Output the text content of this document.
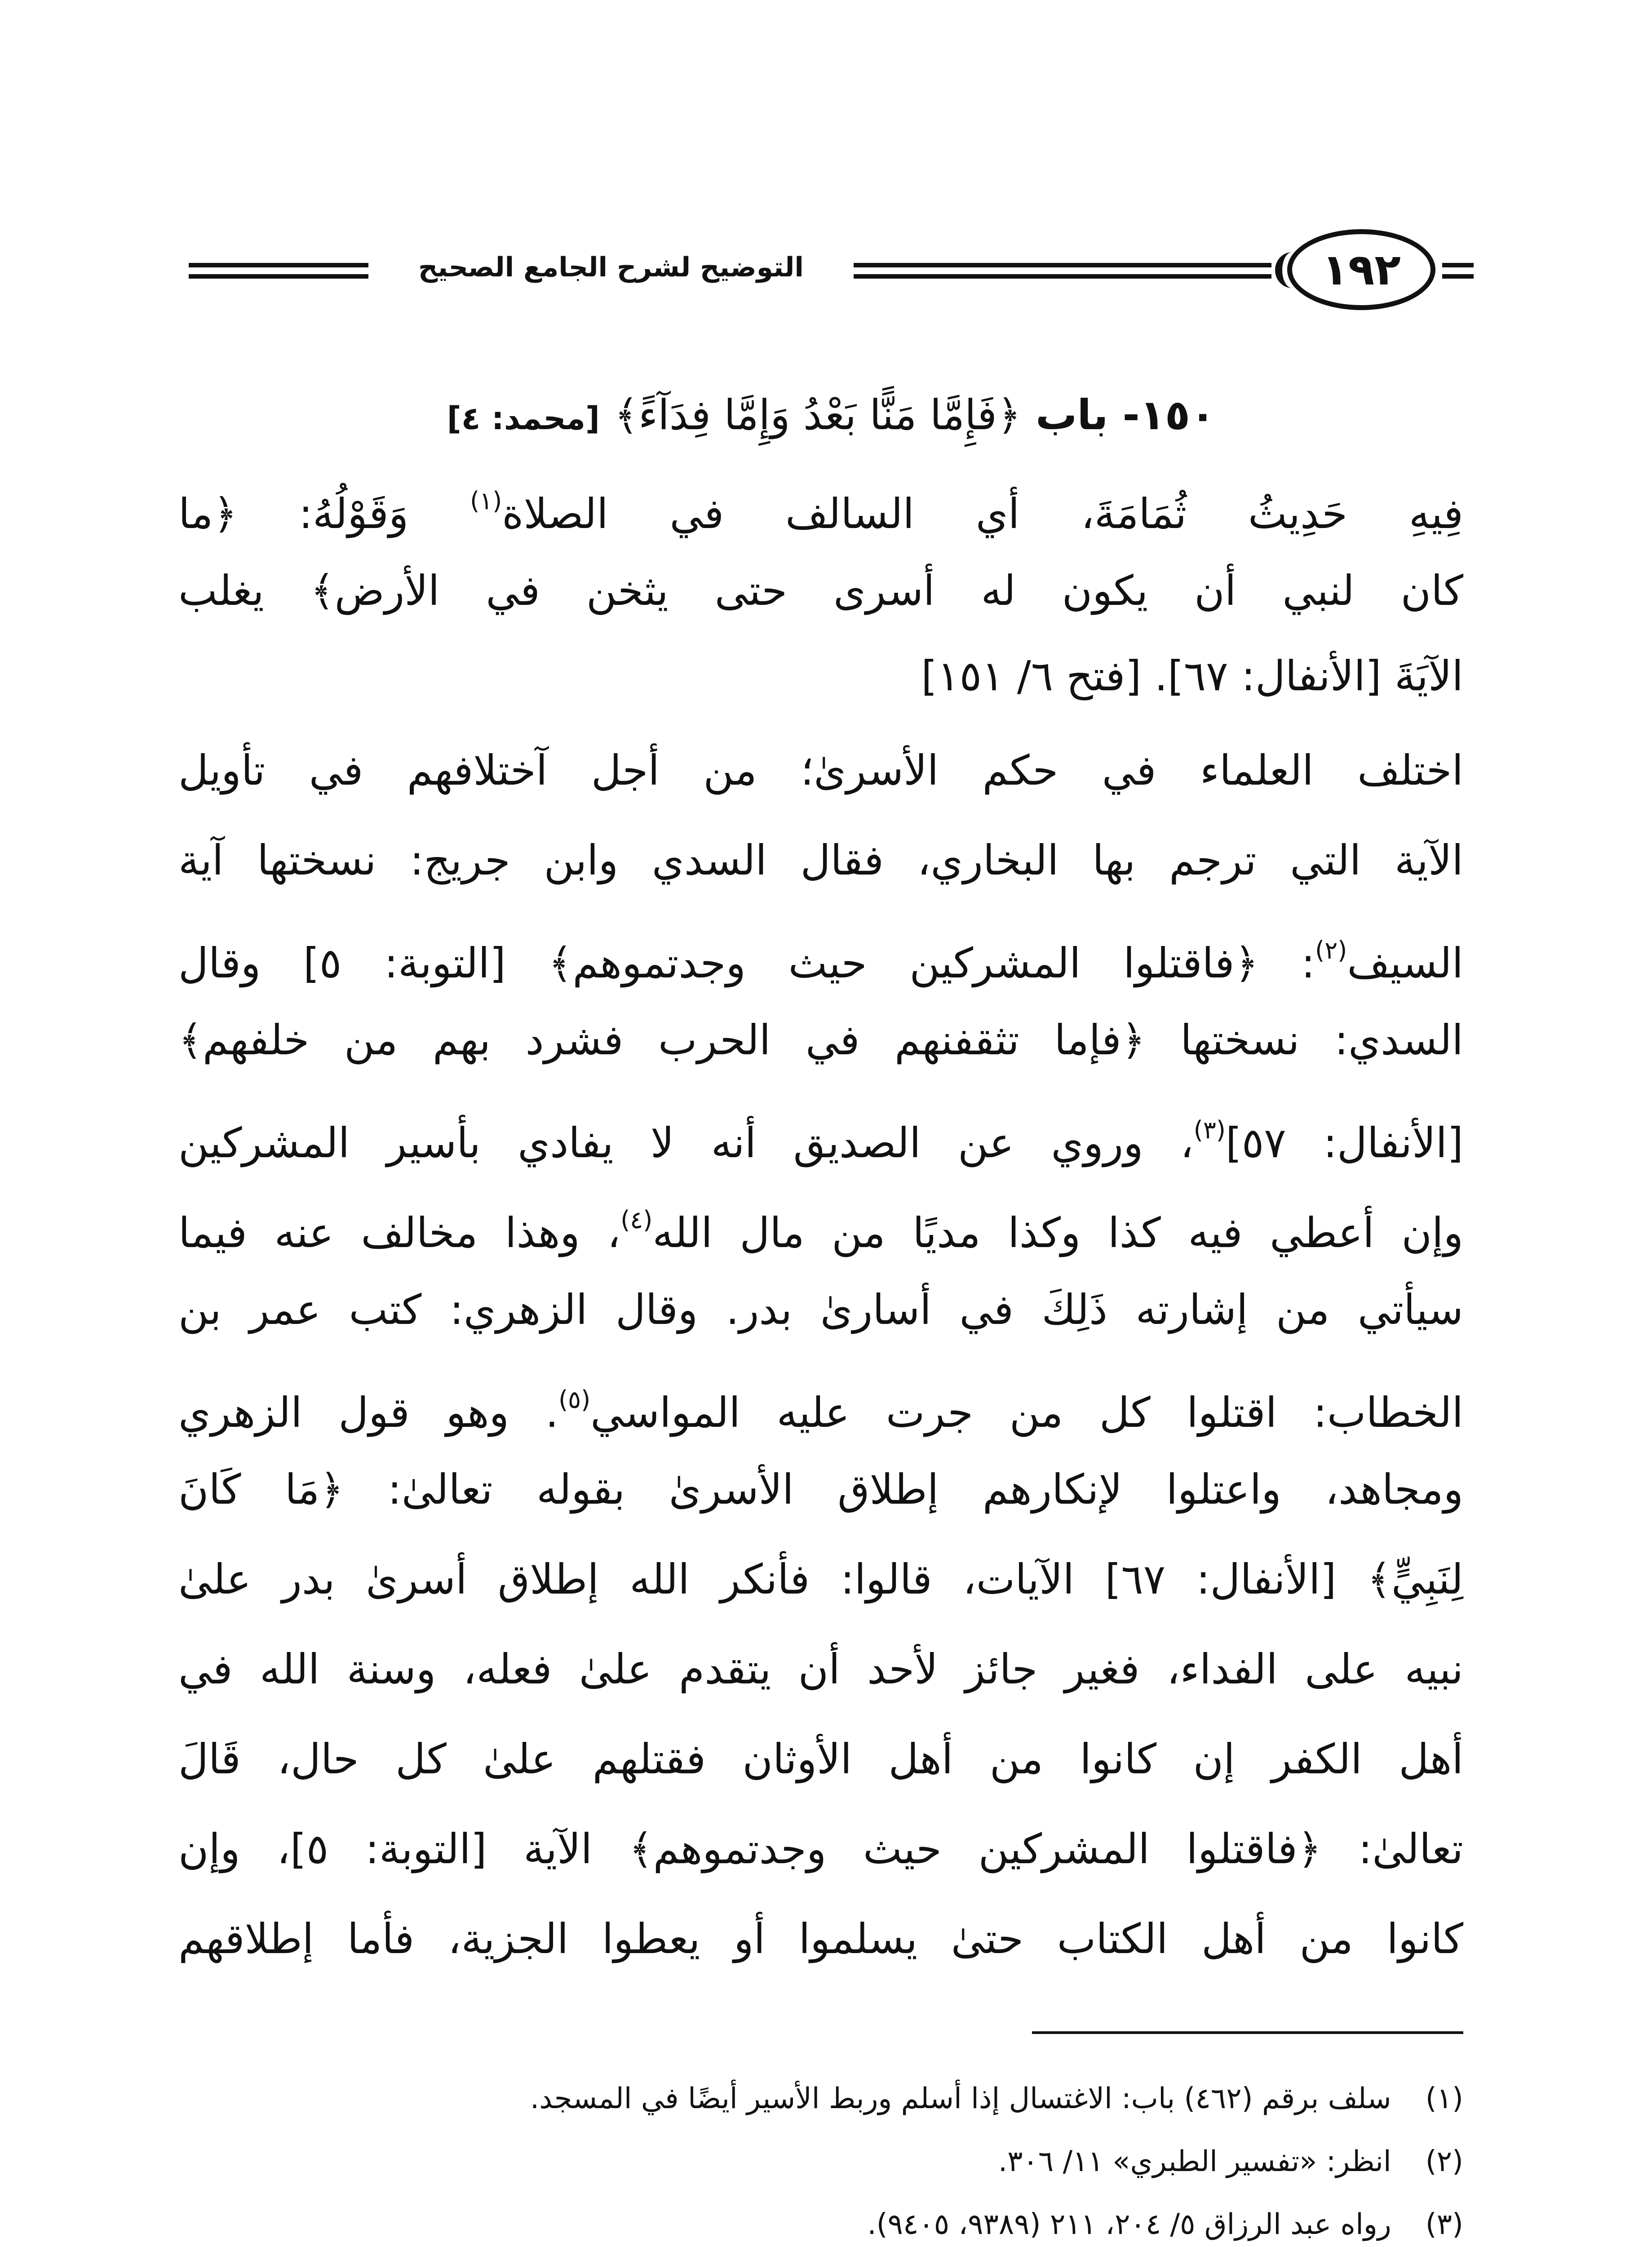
١٩٢
التوضيح لشرح الجامع الصحيح
١٥٠- باب ﴿فَإِمَّا مَنًّا بَعْدُ وَإِمَّا فِدَآءً﴾ [محمد: ٤]
فِيهِ حَدِيثُ ثُمَامَةَ، أي السالف في الصلاة$^{(١)}$ وَقَوْلُهُ: ﴿ما
كان لنبي أن يكون له أسرى حتى يثخن في الأرض﴾ يغلب
الآيَةَ [الأنفال: ٦٧]. [فتح ٦/ ١٥١]
اختلف العلماء في حكم الأسرىٰ؛ من أجل آختلافهم في تأويل
الآية التي ترجم بها البخاري، فقال السدي وابن جريج: نسختها آية
السيف$^{(٢)}$: ﴿فاقتلوا المشركين حيث وجدتموهم﴾ [التوبة: ٥] وقال
السدي: نسختها ﴿فإما تثقفنهم في الحرب فشرد بهم من خلفهم﴾
[الأنفال: ٥٧]$^{(٣)}$، وروي عن الصديق أنه لا يفادي بأسير المشركين
وإن أعطي فيه كذا وكذا مديًا من مال الله$^{(٤)}$، وهذا مخالف عنه فيما
سيأتي من إشارته ذَلِكَ في أسارىٰ بدر. وقال الزهري: كتب عمر بن
الخطاب: اقتلوا كل من جرت عليه المواسي$^{(٥)}$. وهو قول الزهري
ومجاهد، واعتلوا لإنكارهم إطلاق الأسرىٰ بقوله تعالىٰ: ﴿مَا كَانَ
لِنَبِيٍّ﴾ [الأنفال: ٦٧] الآيات، قالوا: فأنكر الله إطلاق أسرىٰ بدر علىٰ
نبيه على الفداء، فغير جائز لأحد أن يتقدم علىٰ فعله، وسنة الله في
أهل الكفر إن كانوا من أهل الأوثان فقتلهم علىٰ كل حال، قَالَ
تعالىٰ: ﴿فاقتلوا المشركين حيث وجدتموهم﴾ الآية [التوبة: ٥]، وإن
كانوا من أهل الكتاب حتىٰ يسلموا أو يعطوا الجزية، فأما إطلاقهم
(١) سلف برقم (٤٦٢) باب: الاغتسال إذا أسلم وربط الأسير أيضًا في المسجد.
(٢) انظر: «تفسير الطبري» ١١/ ٣٠٦.
(٣) رواه عبد الرزاق ٥/ ٢٠٤، ٢١١ (٩٣٨٩، ٩٤٠٥).
